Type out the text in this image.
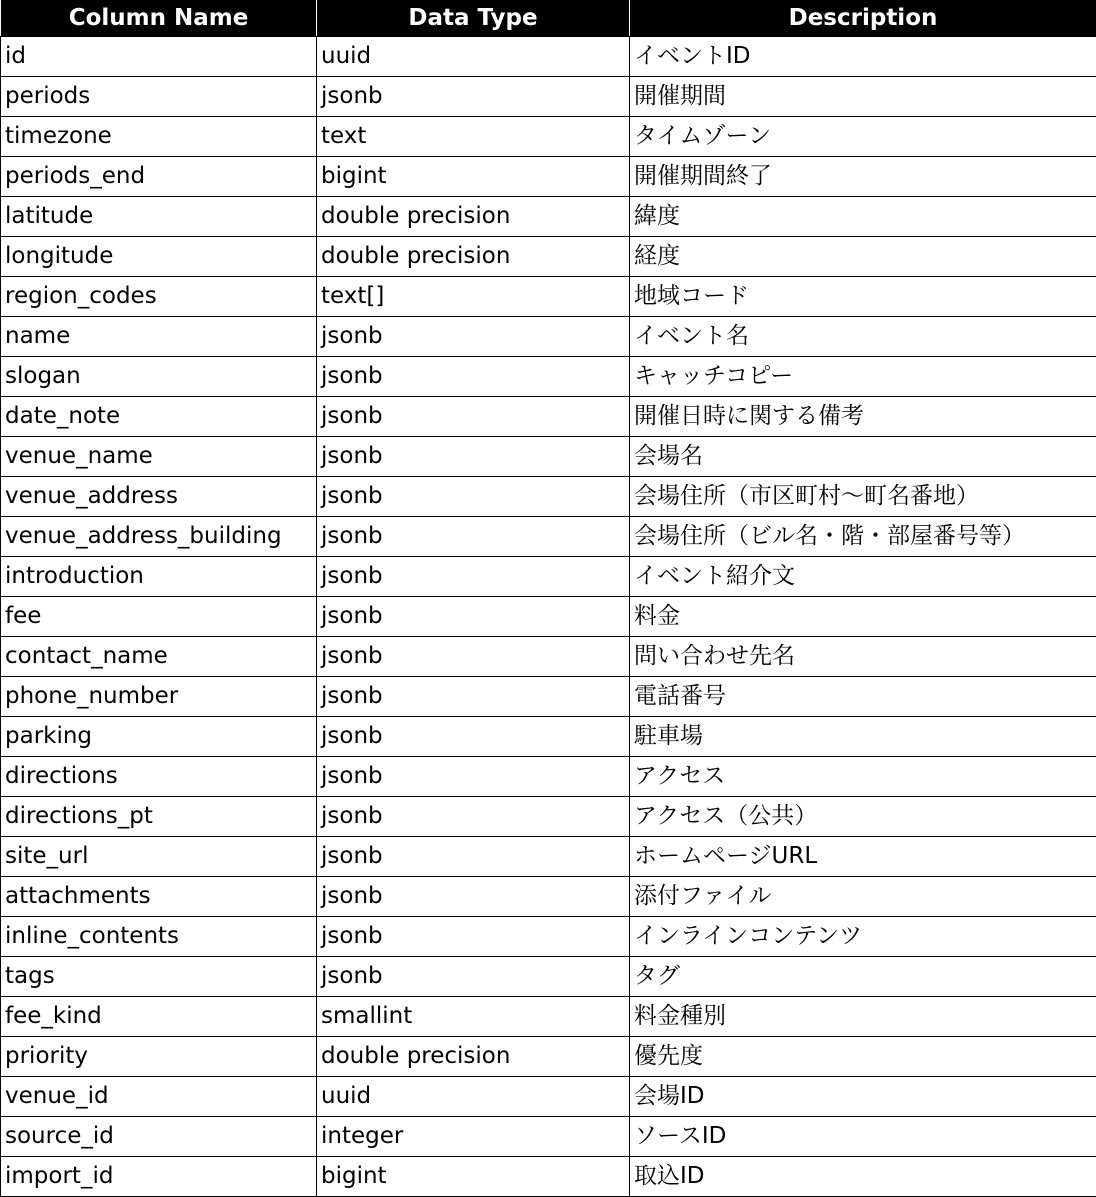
Column Name	Data Type	Description
id	uuid	イベントID
periods	jsonb	開催期間
timezone	text	タイムゾーン
periods_end	bigint	開催期間終了
latitude	double precision	緯度
longitude	double precision	経度
region_codes	text[]	地域コード
name	jsonb	イベント名
slogan	jsonb	キャッチコピー
date_note	jsonb	開催日時に関する備考
venue_name	jsonb	会場名
venue_address	jsonb	会場住所（市区町村～町名番地）
venue_address_building	jsonb	会場住所（ビル名・階・部屋番号等）
introduction	jsonb	イベント紹介文
fee	jsonb	料金
contact_name	jsonb	問い合わせ先名
phone_number	jsonb	電話番号
parking	jsonb	駐車場
directions	jsonb	アクセス
directions_pt	jsonb	アクセス（公共）
site_url	jsonb	ホームページURL
attachments	jsonb	添付ファイル
inline_contents	jsonb	インラインコンテンツ
tags	jsonb	タグ
fee_kind	smallint	料金種別
priority	double precision	優先度
venue_id	uuid	会場ID
source_id	integer	ソースID
import_id	bigint	取込ID
